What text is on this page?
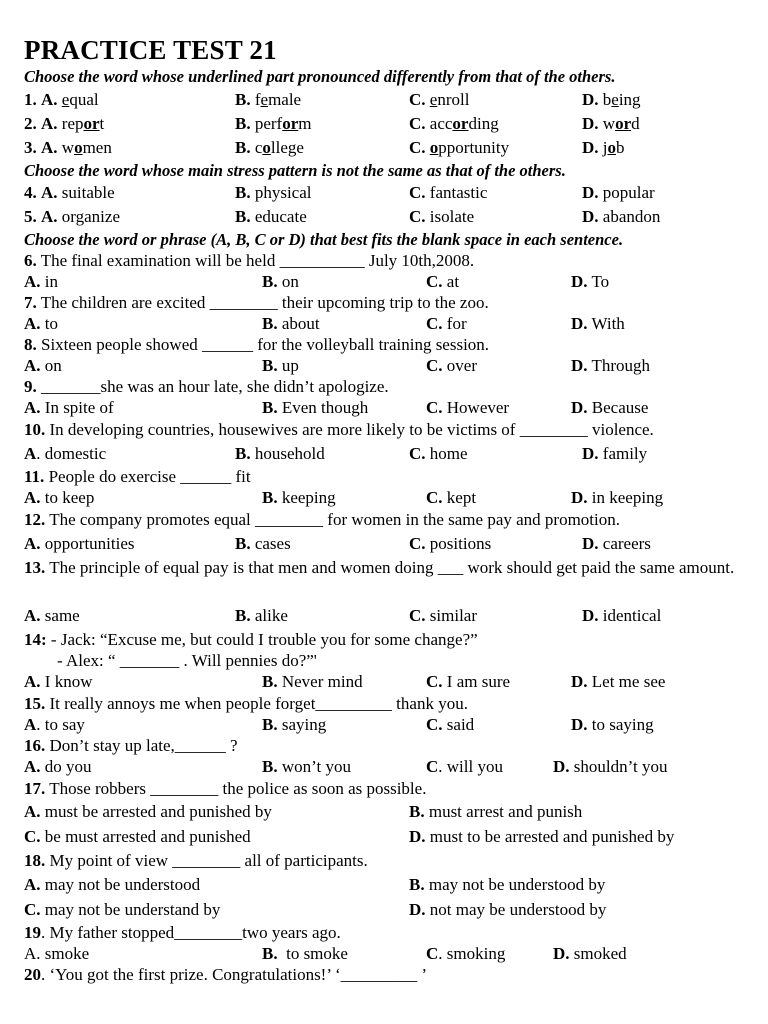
PRACTICE TEST 21
Choose the word whose underlined part pronounced differently from that of the others.
1. A. equal	B. female	C. enroll	D. being
2. A. report	B. perform	C. according	D. word
3. A. women	B. college	C. opportunity	D. job
Choose the word whose main stress pattern is not the same as that of the others.
4. A. suitable	B. physical	C. fantastic	D. popular
5. A. organize	B. educate	C. isolate	D. abandon
Choose the word or phrase (A, B, C or D) that best fits the blank space in each sentence.
6. The final examination will be held __________ July 10th,2008.
A. in	B. on	C. at	D. To
7. The children are excited ________ their upcoming trip to the zoo.
A. to	B. about	C. for	D. With
8. Sixteen people showed ______ for the volleyball training session.
A. on	B. up	C. over	D. Through
9. _______she was an hour late, she didn’t apologize.
A. In spite of	B. Even though	C. However	D. Because
10. In developing countries, housewives are more likely to be victims of ________ violence.
A. domestic	B. household	C. home	D. family
11. People do exercise ______ fit
A. to keep	B. keeping	C. kept	D. in keeping
12. The company promotes equal ________ for women in the same pay and promotion.
A. opportunities	B. cases	C. positions	D. careers
13. The principle of equal pay is that men and women doing ___ work should get paid the same amount.
A. same	B. alike	C. similar	D. identical
14: - Jack: “Excuse me, but could I trouble you for some change?”
- Alex: “ _______ . Will pennies do?”'
A. I know	B. Never mind	C. I am sure	D. Let me see
15. It really annoys me when people forget_________ thank you.
A. to say	B. saying	C. said	D. to saying
16. Don’t stay up late,______ ?
A. do you	B. won’t you	C. will you	D. shouldn’t you
17. Those robbers ________ the police as soon as possible.
A. must be arrested and punished by	B. must arrest and punish
C. be must arrested and punished	D. must to be arrested and punished by
18. My point of view ________ all of participants.
A. may not be understood	B. may not be understood by
C. may not be understand by	D. not may be understood by
19. My father stopped________two years ago.
A. smoke	B. to smoke	C. smoking	D. smoked
20. ‘You got the first prize. Congratulations!’ ‘_________ ’
